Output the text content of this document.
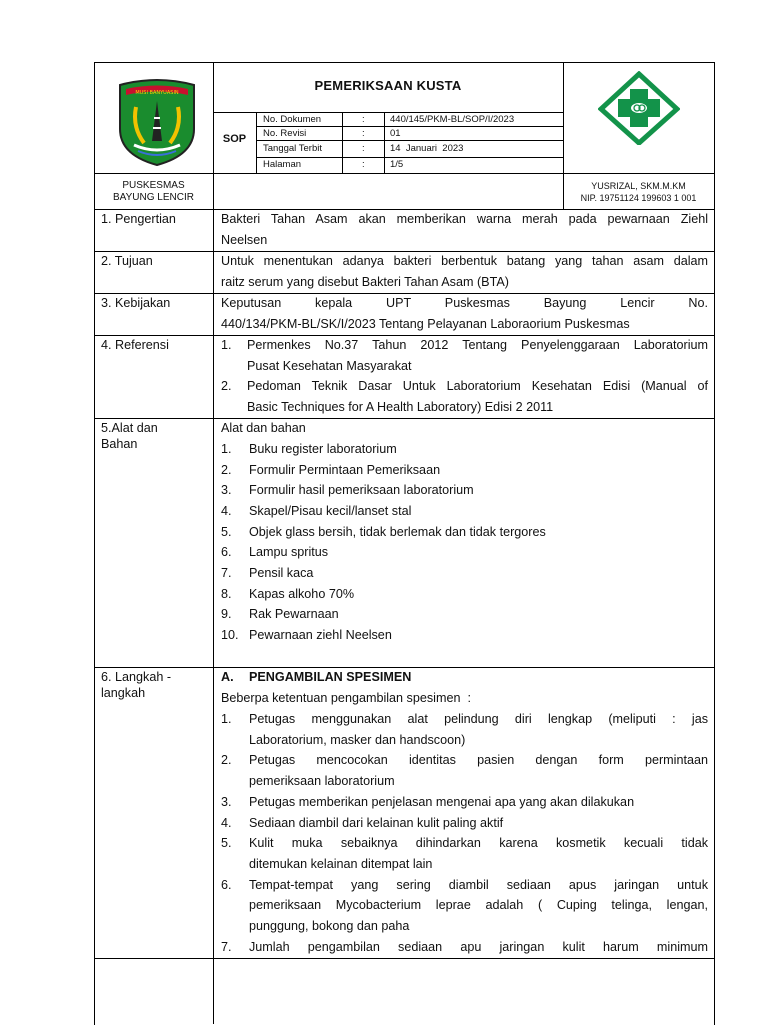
MUSI BANYUASIN	PEMERIKSAAN KUSTA
SOP
No. Dokumen	:	440/145/PKM-BL/SOP/I/2023
No. Revisi	:	01
Tanggal Terbit	:	14  Januari  2023
Halaman	:	1/5
PUSKESMAS
BAYUNG LENCIR
YUSRIZAL, SKM.M.KM
NIP. 19751124 199603 1 001
1. Pengertian	Bakteri Tahan Asam akan memberikan warna merah pada pewarnaan Ziehl
Neelsen
2. Tujuan	Untuk menentukan adanya bakteri berbentuk batang yang tahan asam dalam
raitz serum yang disebut Bakteri Tahan Asam (BTA)
3. Kebijakan	Keputusan kepala UPT Puskesmas Bayung Lencir No.
440/134/PKM-BL/SK/I/2023 Tentang Pelayanan Laboraorium Puskesmas
4. Referensi	1. Permenkes No.37 Tahun 2012 Tentang Penyelenggaraan Laboratorium
Pusat Kesehatan Masyarakat
2. Pedoman Teknik Dasar Untuk Laboratorium Kesehatan Edisi (Manual of
Basic Techniques for A Health Laboratory) Edisi 2 2011
5.Alat dan
Bahan
Alat dan bahan
1. Buku register laboratorium
2. Formulir Permintaan Pemeriksaan
3. Formulir hasil pemeriksaan laboratorium
4. Skapel/Pisau kecil/lanset stal
5. Objek glass bersih, tidak berlemak dan tidak tergores
6. Lampu spritus
7. Pensil kaca
8. Kapas alkoho 70%
9. Rak Pewarnaan
10. Pewarnaan ziehl Neelsen
6. Langkah -
langkah
A. PENGAMBILAN SPESIMEN
Beberpa ketentuan pengambilan spesimen  :
1. Petugas menggunakan alat pelindung diri lengkap (meliputi : jas
Laboratorium, masker dan handscoon)
2. Petugas mencocokan identitas pasien dengan form permintaan
pemeriksaan laboratorium
3. Petugas memberikan penjelasan mengenai apa yang akan dilakukan
4. Sediaan diambil dari kelainan kulit paling aktif
5. Kulit muka sebaiknya dihindarkan karena kosmetik kecuali tidak
ditemukan kelainan ditempat lain
6. Tempat-tempat yang sering diambil sediaan apus jaringan untuk
pemeriksaan Mycobacterium leprae adalah ( Cuping telinga, lengan,
punggung, bokong dan paha
7. Jumlah pengambilan sediaan apu jaringan kulit harum minimum
